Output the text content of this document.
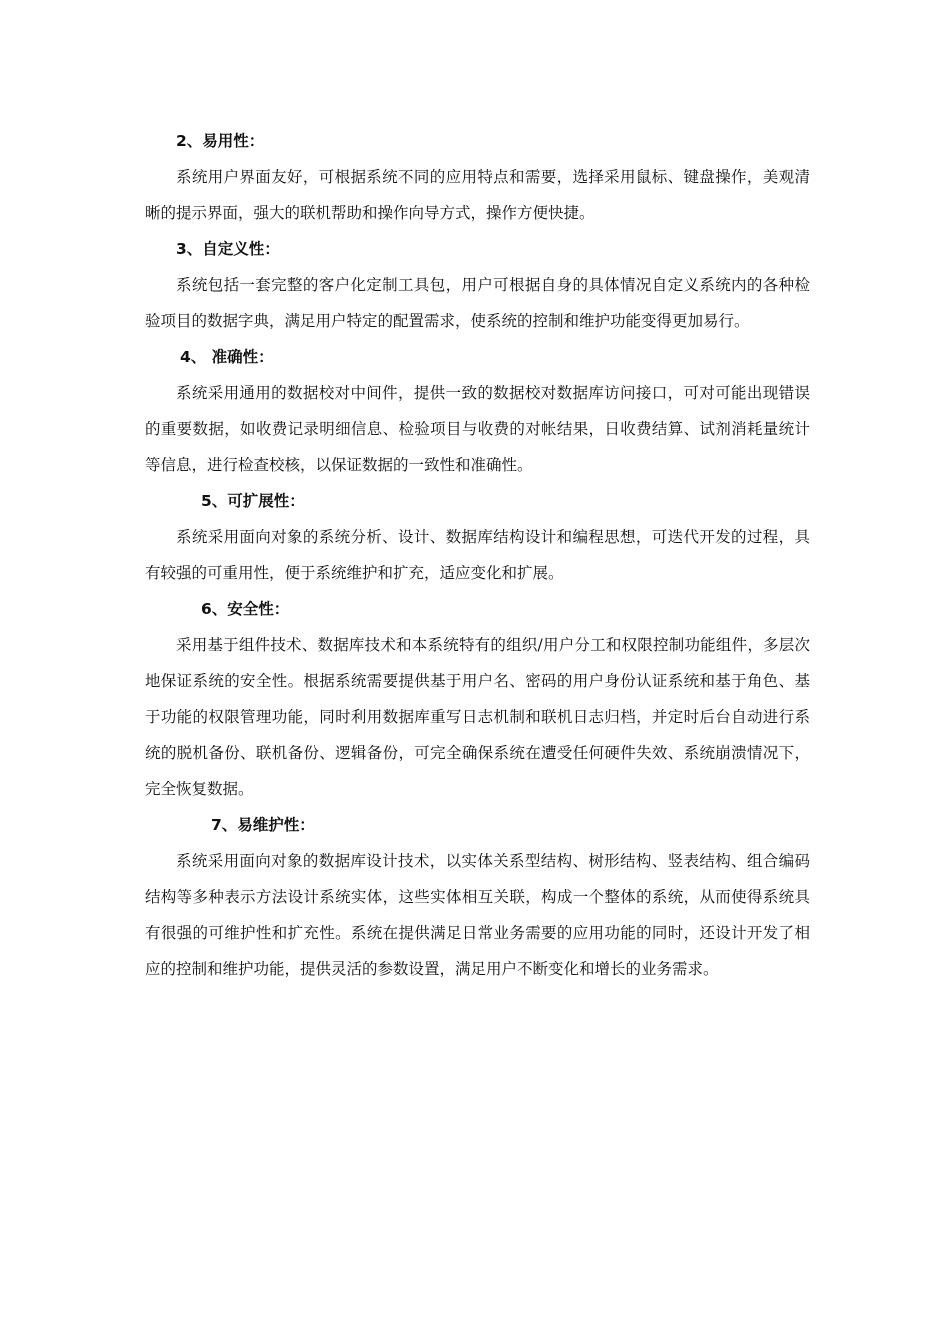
2、易用性：

系统用户界面友好，可根据系统不同的应用特点和需要，选择采用鼠标、键盘操作，美观清晰的提示界面，强大的联机帮助和操作向导方式，操作方便快捷。

3、自定义性：

系统包括一套完整的客户化定制工具包，用户可根据自身的具体情况自定义系统内的各种检验项目的数据字典，满足用户特定的配置需求，使系统的控制和维护功能变得更加易行。

4、 准确性：

系统采用通用的数据校对中间件，提供一致的数据校对数据库访问接口，可对可能出现错误的重要数据，如收费记录明细信息、检验项目与收费的对帐结果，日收费结算、试剂消耗量统计等信息，进行检查校核，以保证数据的一致性和准确性。

5、可扩展性：

系统采用面向对象的系统分析、设计、数据库结构设计和编程思想，可迭代开发的过程，具有较强的可重用性，便于系统维护和扩充，适应变化和扩展。

6、安全性：

采用基于组件技术、数据库技术和本系统特有的组织/用户分工和权限控制功能组件，多层次地保证系统的安全性。根据系统需要提供基于用户名、密码的用户身份认证系统和基于角色、基于功能的权限管理功能，同时利用数据库重写日志机制和联机日志归档，并定时后台自动进行系统的脱机备份、联机备份、逻辑备份，可完全确保系统在遭受任何硬件失效、系统崩溃情况下，完全恢复数据。

7、易维护性：

系统采用面向对象的数据库设计技术，以实体关系型结构、树形结构、竖表结构、组合编码结构等多种表示方法设计系统实体，这些实体相互关联，构成一个整体的系统，从而使得系统具有很强的可维护性和扩充性。系统在提供满足日常业务需要的应用功能的同时，还设计开发了相应的控制和维护功能，提供灵活的参数设置，满足用户不断变化和增长的业务需求。
